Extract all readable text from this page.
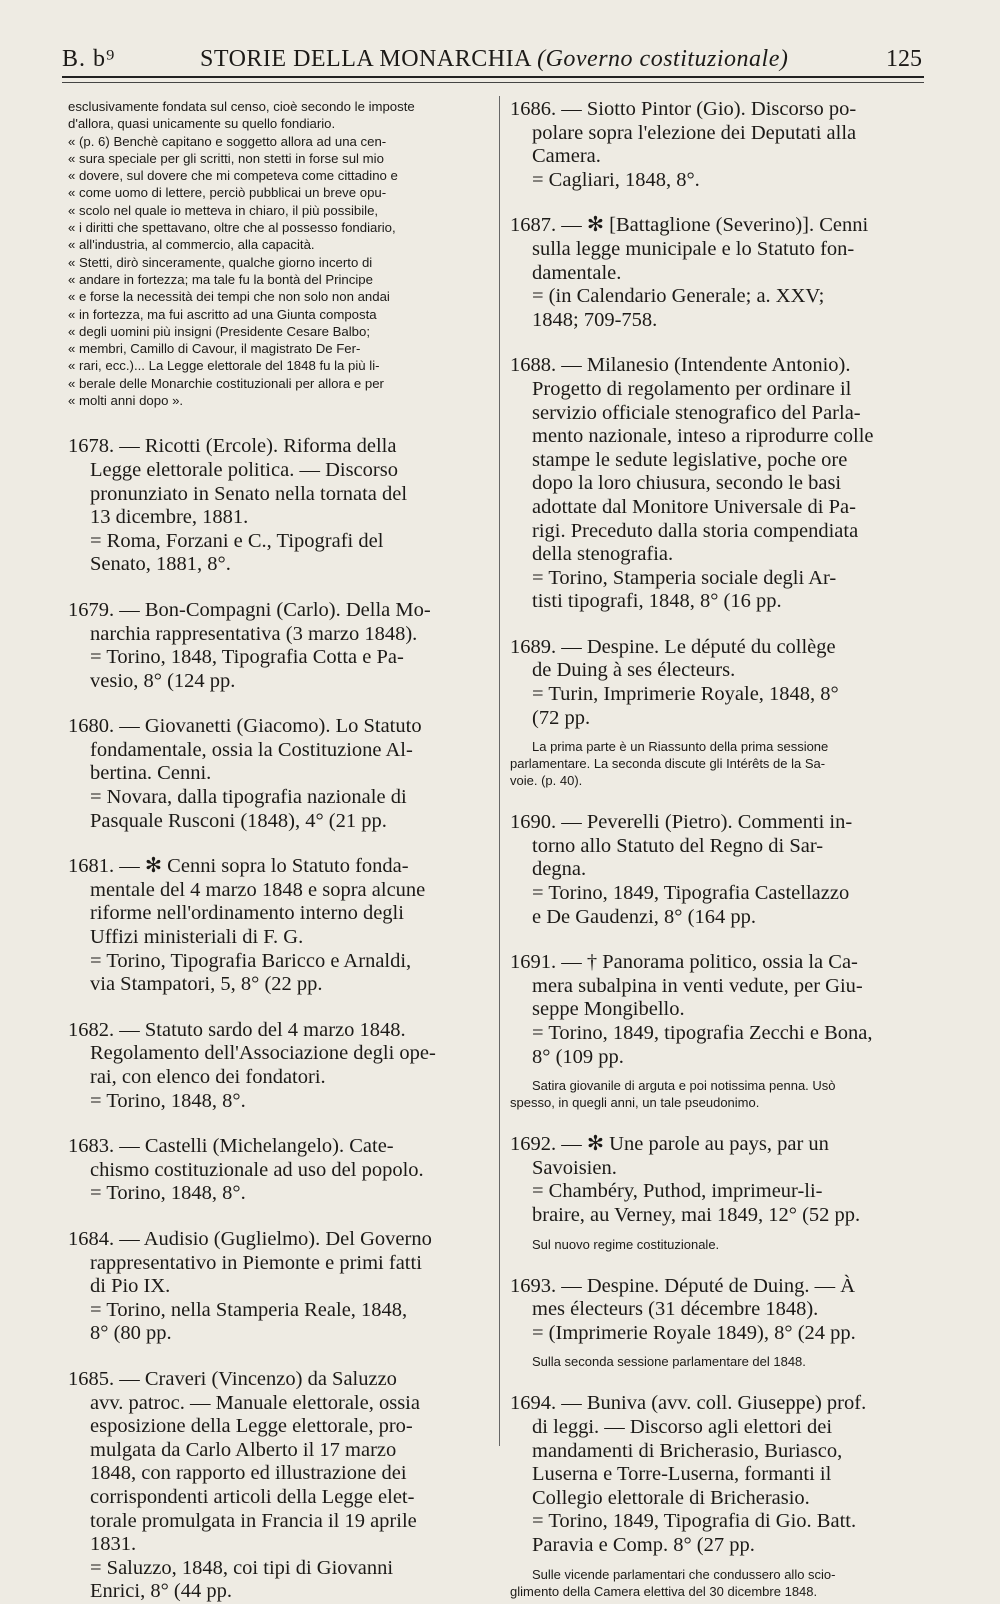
B. b⁹	STORIE DELLA MONARCHIA (Governo costituzionale)	125

esclusivamente fondata sul censo, cioè secondo le imposte

d'allora, quasi unicamente su quello fondiario.

« (p. 6) Benchè capitano e soggetto allora ad una cen-

« sura speciale per gli scritti, non stetti in forse sul mio

« dovere, sul dovere che mi competeva come cittadino e

« come uomo di lettere, perciò pubblicai un breve opu-

« scolo nel quale io metteva in chiaro, il più possibile,

« i diritti che spettavano, oltre che al possesso fondiario,

« all'industria, al commercio, alla capacità.

« Stetti, dirò sinceramente, qualche giorno incerto di

« andare in fortezza; ma tale fu la bontà del Principe

« e forse la necessità dei tempi che non solo non andai

« in fortezza, ma fui ascritto ad una Giunta composta

« degli uomini più insigni (Presidente Cesare Balbo;

« membri, Camillo di Cavour, il magistrato De Fer-

« rari, ecc.)... La Legge elettorale del 1848 fu la più li-

« berale delle Monarchie costituzionali per allora e per

« molti anni dopo ».

1678. — Ricotti (Ercole). Riforma della

Legge elettorale politica. — Discorso

pronunziato in Senato nella tornata del

13 dicembre, 1881.

= Roma, Forzani e C., Tipografi del

Senato, 1881, 8°.

1679. — Bon-Compagni (Carlo). Della Mo-

narchia rappresentativa (3 marzo 1848).

= Torino, 1848, Tipografia Cotta e Pa-

vesio, 8° (124 pp.

1680. — Giovanetti (Giacomo). Lo Statuto

fondamentale, ossia la Costituzione Al-

bertina. Cenni.

= Novara, dalla tipografia nazionale di

Pasquale Rusconi (1848), 4° (21 pp.

1681. — ✻ Cenni sopra lo Statuto fonda-

mentale del 4 marzo 1848 e sopra alcune

riforme nell'ordinamento interno degli

Uffizi ministeriali di F. G.

= Torino, Tipografia Baricco e Arnaldi,

via Stampatori, 5, 8° (22 pp.

1682. — Statuto sardo del 4 marzo 1848.

Regolamento dell'Associazione degli ope-

rai, con elenco dei fondatori.

= Torino, 1848, 8°.

1683. — Castelli (Michelangelo). Cate-

chismo costituzionale ad uso del popolo.

= Torino, 1848, 8°.

1684. — Audisio (Guglielmo). Del Governo

rappresentativo in Piemonte e primi fatti

di Pio IX.

= Torino, nella Stamperia Reale, 1848,

8° (80 pp.

1685. — Craveri (Vincenzo) da Saluzzo

avv. patroc. — Manuale elettorale, ossia

esposizione della Legge elettorale, pro-

mulgata da Carlo Alberto il 17 marzo

1848, con rapporto ed illustrazione dei

corrispondenti articoli della Legge elet-

torale promulgata in Francia il 19 aprile

1831.

= Saluzzo, 1848, coi tipi di Giovanni

Enrici, 8° (44 pp.

1686. — Siotto Pintor (Gio). Discorso po-

polare sopra l'elezione dei Deputati alla

Camera.

= Cagliari, 1848, 8°.

1687. — ✻ [Battaglione (Severino)]. Cenni

sulla legge municipale e lo Statuto fon-

damentale.

= (in Calendario Generale; a. XXV;

1848; 709-758.

1688. — Milanesio (Intendente Antonio).

Progetto di regolamento per ordinare il

servizio officiale stenografico del Parla-

mento nazionale, inteso a riprodurre colle

stampe le sedute legislative, poche ore

dopo la loro chiusura, secondo le basi

adottate dal Monitore Universale di Pa-

rigi. Preceduto dalla storia compendiata

della stenografia.

= Torino, Stamperia sociale degli Ar-

tisti tipografi, 1848, 8° (16 pp.

1689. — Despine. Le député du collège

de Duing à ses électeurs.

= Turin, Imprimerie Royale, 1848, 8°

(72 pp.

La prima parte è un Riassunto della prima sessione

parlamentare. La seconda discute gli Intérêts de la Sa-

voie. (p. 40).

1690. — Peverelli (Pietro). Commenti in-

torno allo Statuto del Regno di Sar-

degna.

= Torino, 1849, Tipografia Castellazzo

e De Gaudenzi, 8° (164 pp.

1691. — † Panorama politico, ossia la Ca-

mera subalpina in venti vedute, per Giu-

seppe Mongibello.

= Torino, 1849, tipografia Zecchi e Bona,

8° (109 pp.

Satira giovanile di arguta e poi notissima penna. Usò

spesso, in quegli anni, un tale pseudonimo.

1692. — ✻ Une parole au pays, par un

Savoisien.

= Chambéry, Puthod, imprimeur-li-

braire, au Verney, mai 1849, 12° (52 pp.

Sul nuovo regime costituzionale.

1693. — Despine. Député de Duing. — À

mes électeurs (31 décembre 1848).

= (Imprimerie Royale 1849), 8° (24 pp.

Sulla seconda sessione parlamentare del 1848.

1694. — Buniva (avv. coll. Giuseppe) prof.

di leggi. — Discorso agli elettori dei

mandamenti di Bricherasio, Buriasco,

Luserna e Torre-Luserna, formanti il

Collegio elettorale di Bricherasio.

= Torino, 1849, Tipografia di Gio. Batt.

Paravia e Comp. 8° (27 pp.

Sulle vicende parlamentari che condussero allo scio-

glimento della Camera elettiva del 30 dicembre 1848.
